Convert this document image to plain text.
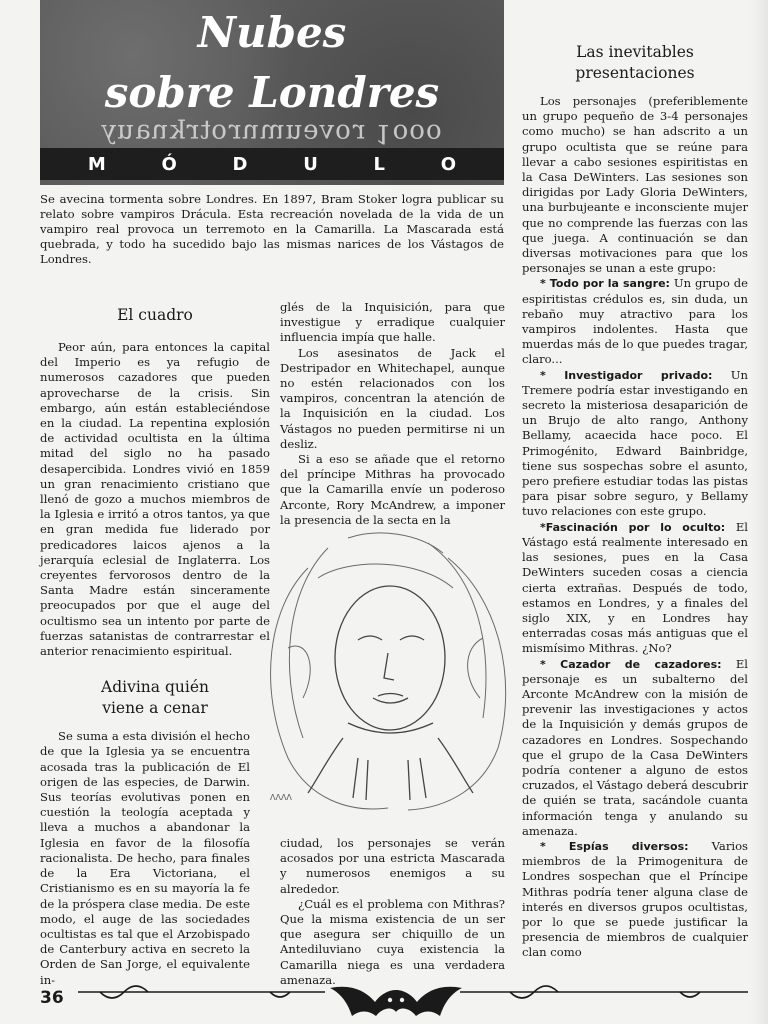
Nubes
sobre Londres
ʎnɐuʞɹʇoɹuɯnǝʌoɹ 1ooo
M	Ó	D	U	L	O
Se avecina tormenta sobre Londres. En 1897, Bram Stoker logra publicar su relato sobre vampiros Drácula. Esta recreación novelada de la vida de un vampiro real provoca un terremoto en la Camarilla. La Mascarada está quebrada, y todo ha sucedido bajo las mismas narices de los Vástagos de Londres.
El cuadro

Peor aún, para entonces la capital del Imperio es ya refugio de numerosos cazadores que pueden aprovecharse de la crisis. Sin embargo, aún están estableciéndose en la ciudad. La repentina explosión de actividad ocultista en la última mitad del siglo no ha pasado desapercibida. Londres vivió en 1859 un gran renacimiento cristiano que llenó de gozo a muchos miembros de la Iglesia e irritó a otros tantos, ya que en gran medida fue liderado por predicadores laicos ajenos a la jerarquía eclesial de Inglaterra. Los creyentes fervorosos dentro de la Santa Madre están sinceramente preocupados por que el auge del ocultismo sea un intento por parte de fuerzas satanistas de contrarrestar el anterior renacimiento espiritual.

Adivina quién
viene a cenar

Se suma a esta división el hecho de que la Iglesia ya se encuentra acosada tras la publicación de El origen de las especies, de Darwin. Sus teorías evolutivas ponen en cuestión la teología aceptada y lleva a muchos a abandonar la Iglesia en favor de la filosofía racionalista. De hecho, para finales de la Era Victoriana, el Cristianismo es en su mayoría la fe de la próspera clase media. De este modo, el auge de las sociedades ocultistas es tal que el Arzobispado de Canterbury activa en secreto la Orden de San Jorge, el equivalente in-

glés de la Inquisición, para que investigue y erradique cualquier influencia impía que halle.

Los asesinatos de Jack el Destripador en Whitechapel, aunque no estén relacionados con los vampiros, concentran la atención de la Inquisición en la ciudad. Los Vástagos no pueden permitirse ni un desliz.

Si a eso se añade que el retorno del príncipe Mithras ha provocado que la Camarilla envíe un poderoso Arconte, Rory McAndrew, a imponer la presencia de la secta en la

ɅɅɅɅ

ciudad, los personajes se verán acosados por una estricta Mascarada y numerosos enemigos a su alrededor.

¿Cuál es el problema con Mithras? Que la misma existencia de un ser que asegura ser chiquillo de un Antediluviano cuya existencia la Camarilla niega es una verdadera amenaza.

Las inevitables
presentaciones

Los personajes (preferiblemente un grupo pequeño de 3-4 personajes como mucho) se han adscrito a un grupo ocultista que se reúne para llevar a cabo sesiones espiritistas en la Casa DeWinters. Las sesiones son dirigidas por Lady Gloria DeWinters, una burbujeante e inconsciente mujer que no comprende las fuerzas con las que juega. A continuación se dan diversas motivaciones para que los personajes se unan a este grupo:

* Todo por la sangre: Un grupo de espiritistas crédulos es, sin duda, un rebaño muy atractivo para los vampiros indolentes. Hasta que muerdas más de lo que puedes tragar, claro...

* Investigador privado: Un Tremere podría estar investigando en secreto la misteriosa desaparición de un Brujo de alto rango, Anthony Bellamy, acaecida hace poco. El Primogénito, Edward Bainbridge, tiene sus sospechas sobre el asunto, pero prefiere estudiar todas las pistas para pisar sobre seguro, y Bellamy tuvo relaciones con este grupo.

*Fascinación por lo oculto: El Vástago está realmente interesado en las sesiones, pues en la Casa DeWinters suceden cosas a ciencia cierta extrañas. Después de todo, estamos en Londres, y a finales del siglo XIX, y en Londres hay enterradas cosas más antiguas que el mismísimo Mithras. ¿No?

* Cazador de cazadores: El personaje es un subalterno del Arconte McAndrew con la misión de prevenir las investigaciones y actos de la Inquisición y demás grupos de cazadores en Londres. Sospechando que el grupo de la Casa DeWinters podría contener a alguno de estos cruzados, el Vástago deberá descubrir de quién se trata, sacándole cuanta información tenga y anulando su amenaza.

* Espías diversos: Varios miembros de la Primogenitura de Londres sospechan que el Príncipe Mithras podría tener alguna clase de interés en diversos grupos ocultistas, por lo que se puede justificar la presencia de miembros de cualquier clan como

36
